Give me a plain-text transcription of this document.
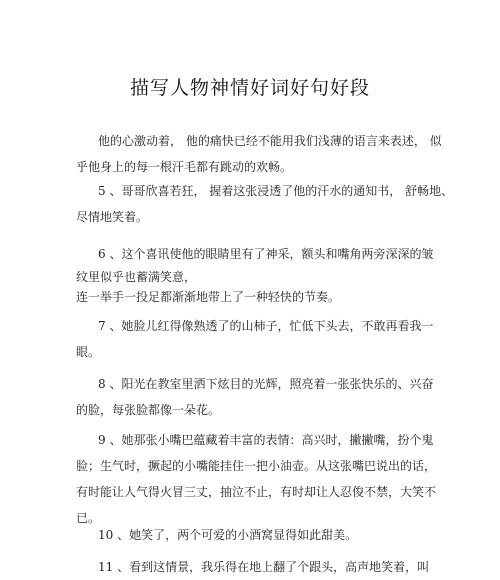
描写人物神情好词好句好段
他的心激动着， 他的痛快已经不能用我们浅薄的语言来表述， 似
乎他身上的每一根汗毛都有跳动的欢畅。
5 、哥哥欣喜若狂， 握着这张浸透了他的汗水的通知书， 舒畅地、
尽情地笑着。
6 、这个喜讯使他的眼睛里有了神采，额头和嘴角两旁深深的皱
纹里似乎也蓄满笑意，
连一举手一投足都渐渐地带上了一种轻快的节奏。
7 、她脸儿红得像熟透了的山柿子，忙低下头去，不敢再看我一
眼。
8 、阳光在教室里洒下炫目的光辉，照亮着一张张快乐的、兴奋
的脸，每张脸都像一朵花。
9 、她那张小嘴巴蕴藏着丰富的表情：高兴时，撇撇嘴，扮个鬼
脸；生气时，撅起的小嘴能挂住一把小油壶。从这张嘴巴说出的话，
有时能让人气得火冒三丈，抽泣不止，有时却让人忍俊不禁，大笑不
已。
10 、她笑了，两个可爱的小酒窝显得如此甜美。
11 、看到这情景，我乐得在地上翻了个跟头，高声地笑着，叫
